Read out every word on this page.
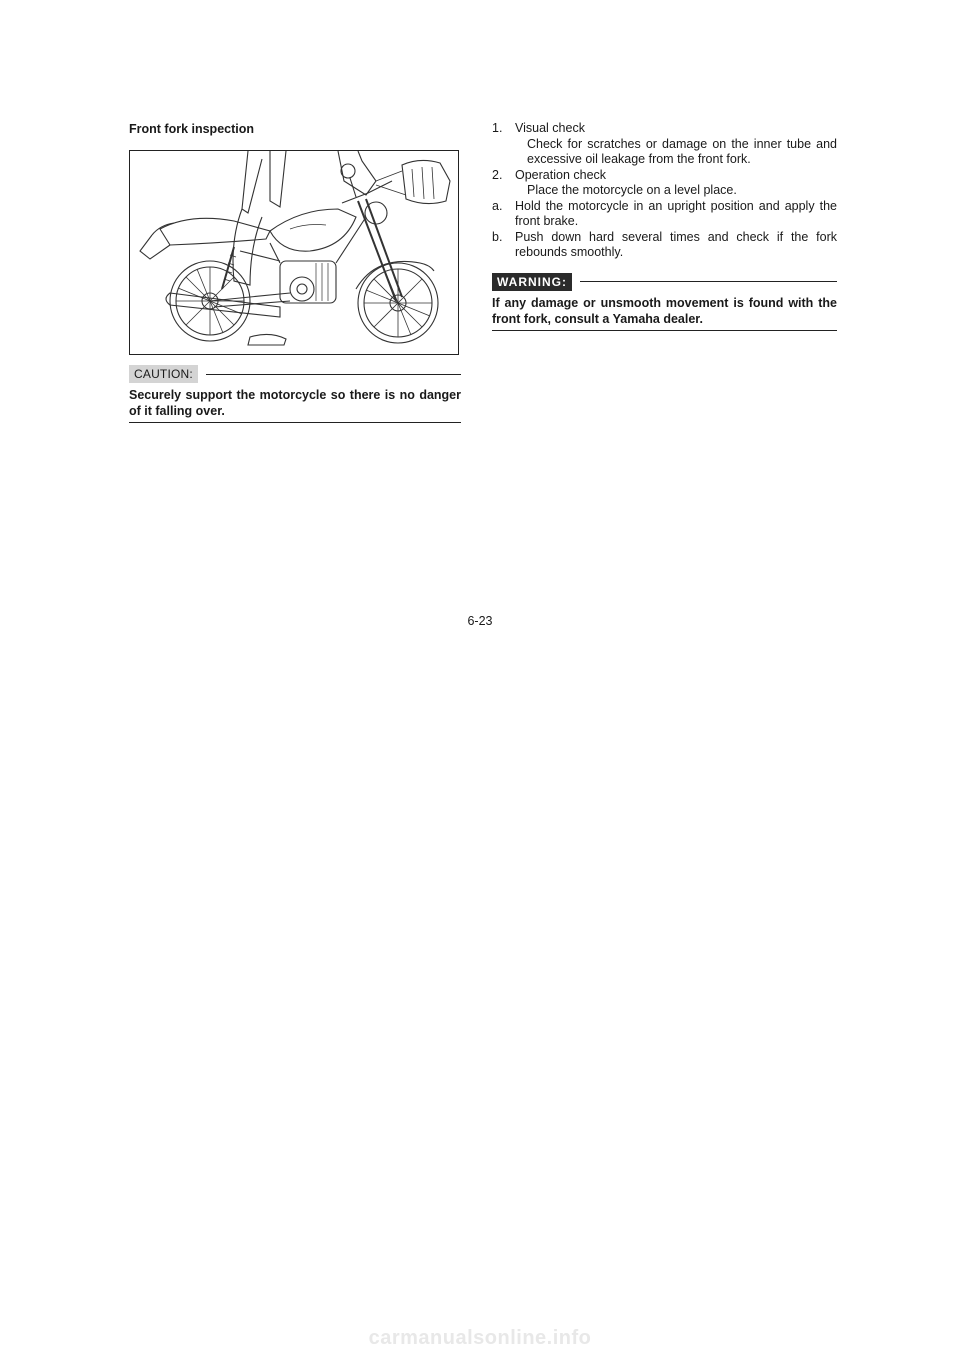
Front fork inspection
CAUTION:
Securely support the motorcycle so there is no danger of it falling over.
1.	Visual check
Check for scratches or damage on the inner tube and excessive oil leakage from the front fork.
2.	Operation check
Place the motorcycle on a level place.
a.	Hold the motorcycle in an upright position and apply the front brake.
b.	Push down hard several times and check if the fork rebounds smoothly.
WARNING:
If any damage or unsmooth movement is found with the front fork, consult a Yamaha dealer.
6-23
carmanualsonline.info
